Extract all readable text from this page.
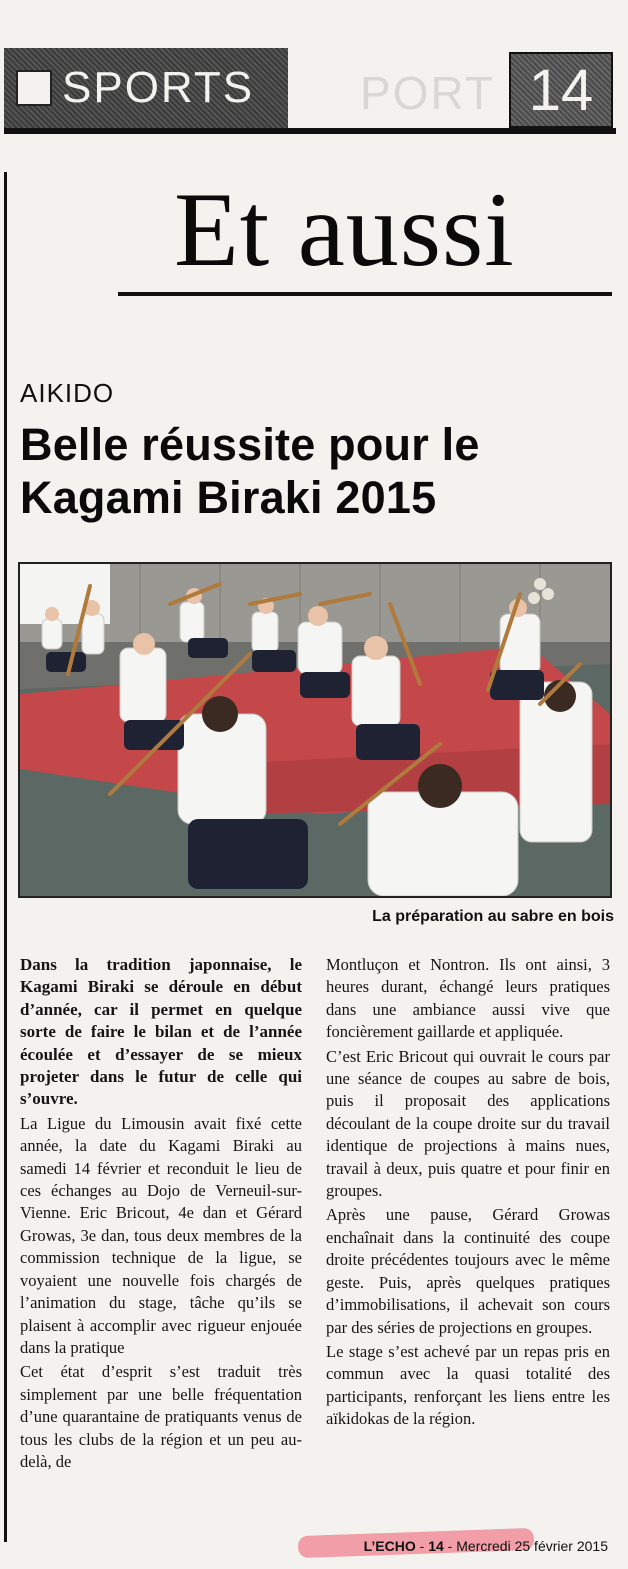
SPORTS PORT 14
Et aussi
AIKIDO
Belle réussite pour le Kagami Biraki 2015
La préparation au sabre en bois

Dans la tradition japonnaise, le Kagami Biraki se déroule en début d’année, car il permet en quelque sorte de faire le bilan et de l’année écoulée et d’essayer de se mieux projeter dans le futur de celle qui s’ouvre.

La Ligue du Limousin avait fixé cette année, la date du Kagami Biraki au samedi 14 février et reconduit le lieu de ces échanges au Dojo de Verneuil-sur-Vienne. Eric Bricout, 4e dan et Gérard Growas, 3e dan, tous deux membres de la commission technique de la ligue, se voyaient une nouvelle fois chargés de l’animation du stage, tâche qu’ils se plaisent à accomplir avec rigueur enjouée dans la pratique

Cet état d’esprit s’est traduit très simplement par une belle fréquentation d’une quarantaine de pratiquants venus de tous les clubs de la région et un peu au-delà, de

Montluçon et Nontron. Ils ont ainsi, 3 heures durant, échangé leurs pratiques dans une ambiance aussi vive que foncièrement gaillarde et appliquée.

C’est Eric Bricout qui ouvrait le cours par une séance de coupes au sabre de bois, puis il proposait des applications découlant de la coupe droite sur du travail identique de projections à mains nues, travail à deux, puis quatre et pour finir en groupes.

Après une pause, Gérard Growas enchaînait dans la continuité des coupe droite précédentes toujours avec le même geste. Puis, après quelques pratiques d’immobilisations, il achevait son cours par des séries de projections en groupes.

Le stage s’est achevé par un repas pris en commun avec la quasi totalité des participants, renforçant les liens entre les aïkidokas de la région.

L’ECHO - 14 - Mercredi 25 février 2015
